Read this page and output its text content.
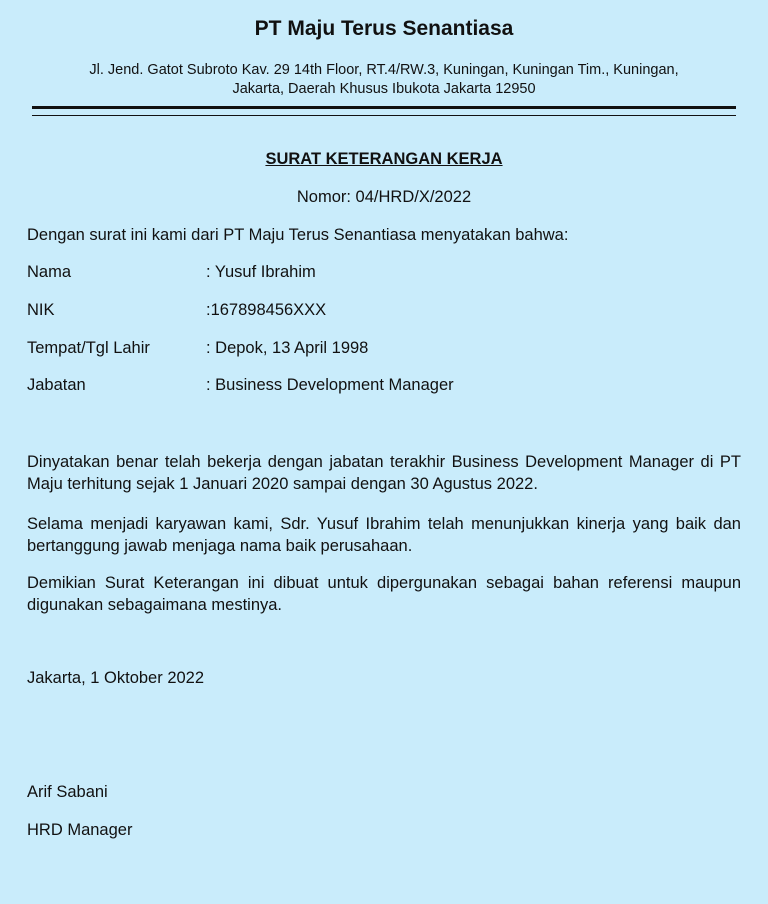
PT Maju Terus Senantiasa
Jl. Jend. Gatot Subroto Kav. 29 14th Floor, RT.4/RW.3, Kuningan, Kuningan Tim., Kuningan,
Jakarta, Daerah Khusus Ibukota Jakarta 12950
SURAT KETERANGAN KERJA
Nomor: 04/HRD/X/2022
Dengan surat ini kami dari PT Maju Terus Senantiasa menyatakan bahwa:
Nama	: Yusuf Ibrahim
NIK	:167898456XXX
Tempat/Tgl Lahir	: Depok, 13 April 1998
Jabatan	: Business Development Manager
Dinyatakan benar telah bekerja dengan jabatan terakhir Business Development Manager di PT Maju terhitung sejak 1 Januari 2020 sampai dengan 30 Agustus 2022.
Selama menjadi karyawan kami, Sdr. Yusuf Ibrahim telah menunjukkan kinerja yang baik dan bertanggung jawab menjaga nama baik perusahaan.
Demikian Surat Keterangan ini dibuat untuk dipergunakan sebagai bahan referensi maupun digunakan sebagaimana mestinya.
Jakarta, 1 Oktober 2022
Arif Sabani
HRD Manager
